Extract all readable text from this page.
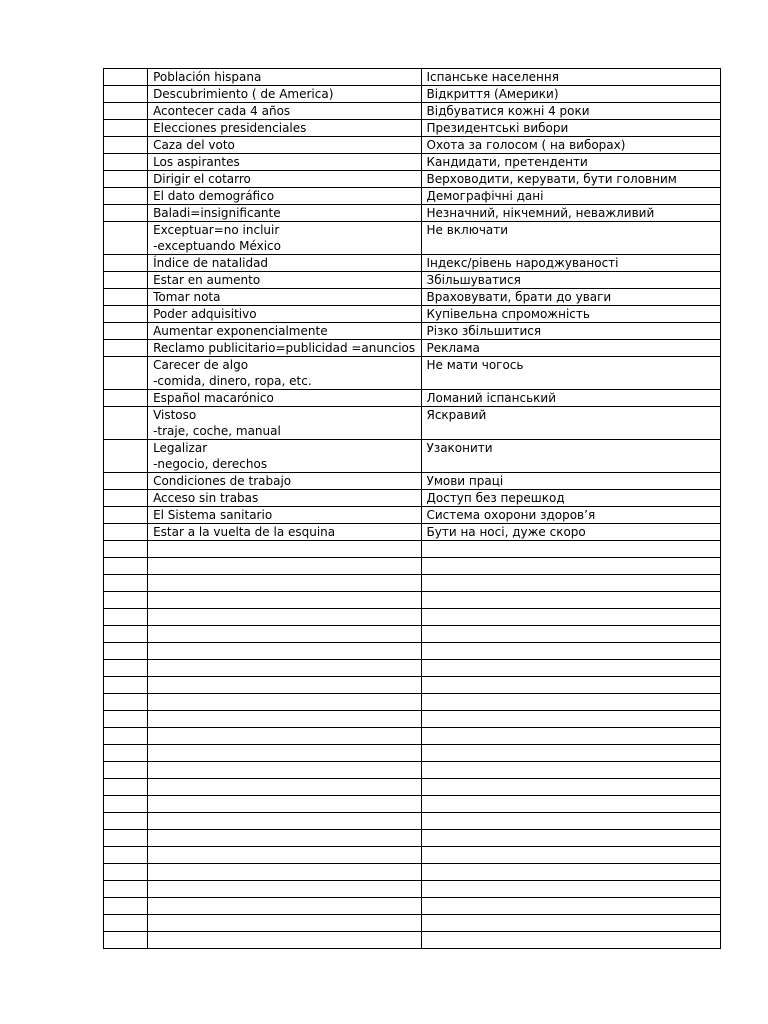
	Población hispana	Іспанське населення

	Descubrimiento ( de America)	Відкриття (Америки)

	Acontecer cada 4 años	Відбуватися кожні 4 роки

	Elecciones presidenciales	Президентські вибори

	Caza del voto	Охота за голосом ( на виборах)

	Los aspirantes	Кандидати, претенденти

	Dirigir el cotarro	Верховодити, керувати, бути головним

	El dato demográfico	Демографічні дані

	Baladi=insignificante	Незначний, нікчемний, неважливий

	Exceptuar=no incluir
-exceptuando México	Не включати

	Índice de natalidad	Індекс/рівень народжуваності

	Estar en aumento	Збільшуватися

	Tomar nota	Враховувати, брати до уваги

	Poder adquisitivo	Купівельна спроможність

	Aumentar exponencialmente	Різко збільшитися

	Reclamo publicitario=publicidad =anuncios	Реклама

	Carecer de algo
-comida, dinero, ropa, etc.	Не мати чогось

	Español macarónico	Ломаний іспанський

	Vistoso
-traje, coche, manual	Яскравий

	Legalizar
-negocio, derechos	Узаконити

	Condiciones de trabajo	Умови праці

	Acceso sin trabas	Доступ без перешкод

	El Sistema sanitario	Система охорони здоров’я

	Estar a la vuelta de la esquina	Бути на носі, дуже скоро
